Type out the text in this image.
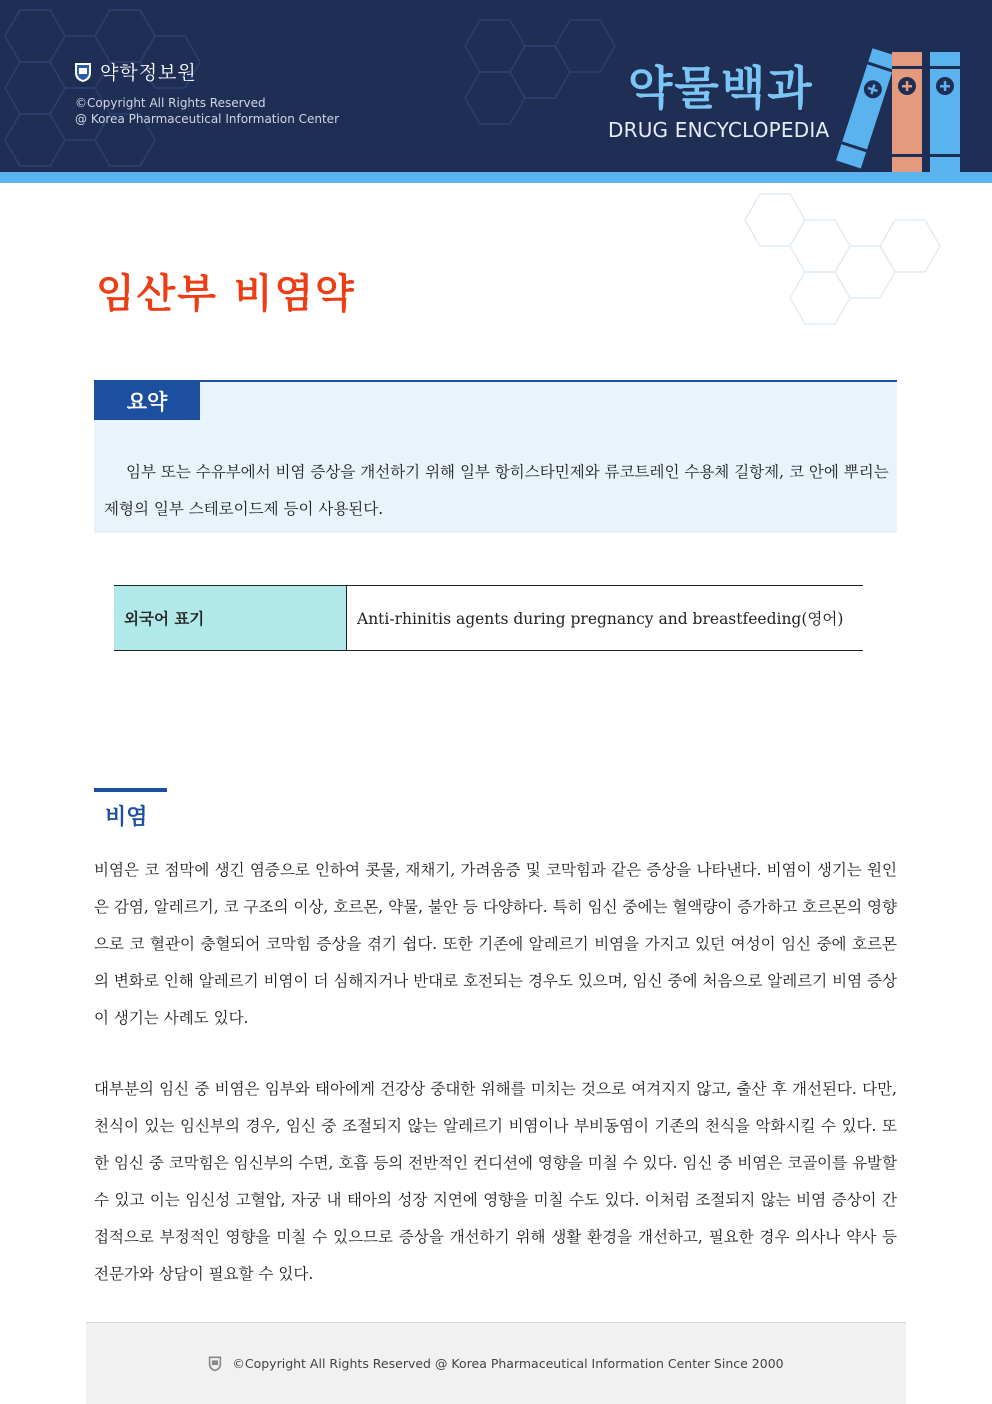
약학정보원
©Copyright All Rights Reserved
@ Korea Pharmaceutical Information Center
약물백과
DRUG ENCYCLOPEDIA
임산부 비염약
요약
임부 또는 수유부에서 비염 증상을 개선하기 위해 일부 항히스타민제와 류코트레인 수용체 길항제, 코 안에 뿌리는 제형의 일부 스테로이드제 등이 사용된다.
외국어 표기	Anti-rhinitis agents during pregnancy and breastfeeding(영어)
비염
비염은 코 점막에 생긴 염증으로 인하여 콧물, 재채기, 가려움증 및 코막힘과 같은 증상을 나타낸다. 비염이 생기는 원인은 감염, 알레르기, 코 구조의 이상, 호르몬, 약물, 불안 등 다양하다. 특히 임신 중에는 혈액량이 증가하고 호르몬의 영향으로 코 혈관이 충혈되어 코막힘 증상을 겪기 쉽다. 또한 기존에 알레르기 비염을 가지고 있던 여성이 임신 중에 호르몬의 변화로 인해 알레르기 비염이 더 심해지거나 반대로 호전되는 경우도 있으며, 임신 중에 처음으로 알레르기 비염 증상이 생기는 사례도 있다.
대부분의 임신 중 비염은 임부와 태아에게 건강상 중대한 위해를 미치는 것으로 여겨지지 않고, 출산 후 개선된다. 다만, 천식이 있는 임신부의 경우, 임신 중 조절되지 않는 알레르기 비염이나 부비동염이 기존의 천식을 악화시킬 수 있다. 또한 임신 중 코막힘은 임신부의 수면, 호흡 등의 전반적인 컨디션에 영향을 미칠 수 있다. 임신 중 비염은 코골이를 유발할 수 있고 이는 임신성 고혈압, 자궁 내 태아의 성장 지연에 영향을 미칠 수도 있다. 이처럼 조절되지 않는 비염 증상이 간접적으로 부정적인 영향을 미칠 수 있으므로 증상을 개선하기 위해 생활 환경을 개선하고, 필요한 경우 의사나 약사 등 전문가와 상담이 필요할 수 있다.
©Copyright All Rights Reserved @ Korea Pharmaceutical Information Center Since 2000
